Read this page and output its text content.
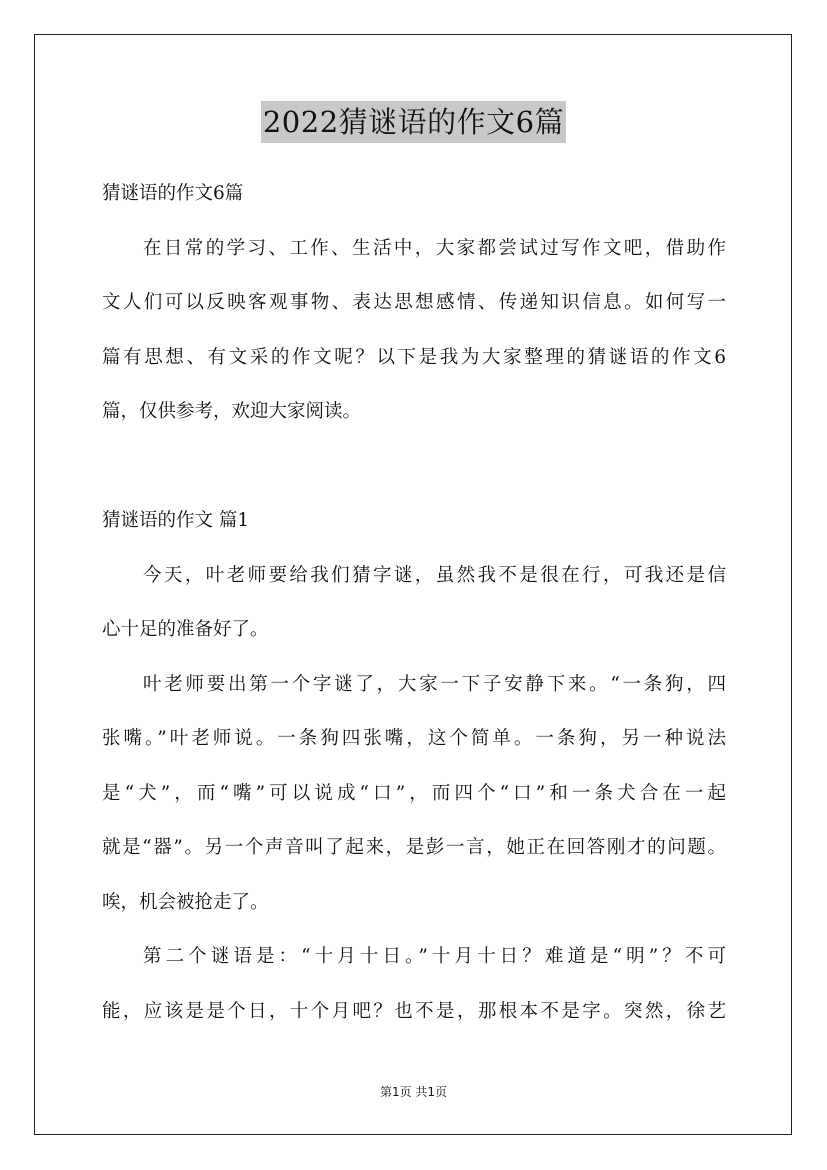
2022猜谜语的作文6篇

猜谜语的作文6篇

在日常的学习、工作、生活中，大家都尝试过写作文吧，借助作

文人们可以反映客观事物、表达思想感情、传递知识信息。如何写一

篇有思想、有文采的作文呢？以下是我为大家整理的猜谜语的作文6

篇，仅供参考，欢迎大家阅读。

猜谜语的作文 篇1

今天，叶老师要给我们猜字谜，虽然我不是很在行，可我还是信

心十足的准备好了。

叶老师要出第一个字谜了，大家一下子安静下来。“一条狗，四

张嘴。”叶老师说。一条狗四张嘴，这个简单。一条狗，另一种说法

是“犬”，而“嘴”可以说成“口”，而四个“口”和一条犬合在一起

就是“器”。另一个声音叫了起来，是彭一言，她正在回答刚才的问题。

唉，机会被抢走了。

第二个谜语是：“十月十日。”十月十日？难道是“明”？不可

能，应该是是个日，十个月吧？也不是，那根本不是字。突然，徐艺

第1页 共1页
